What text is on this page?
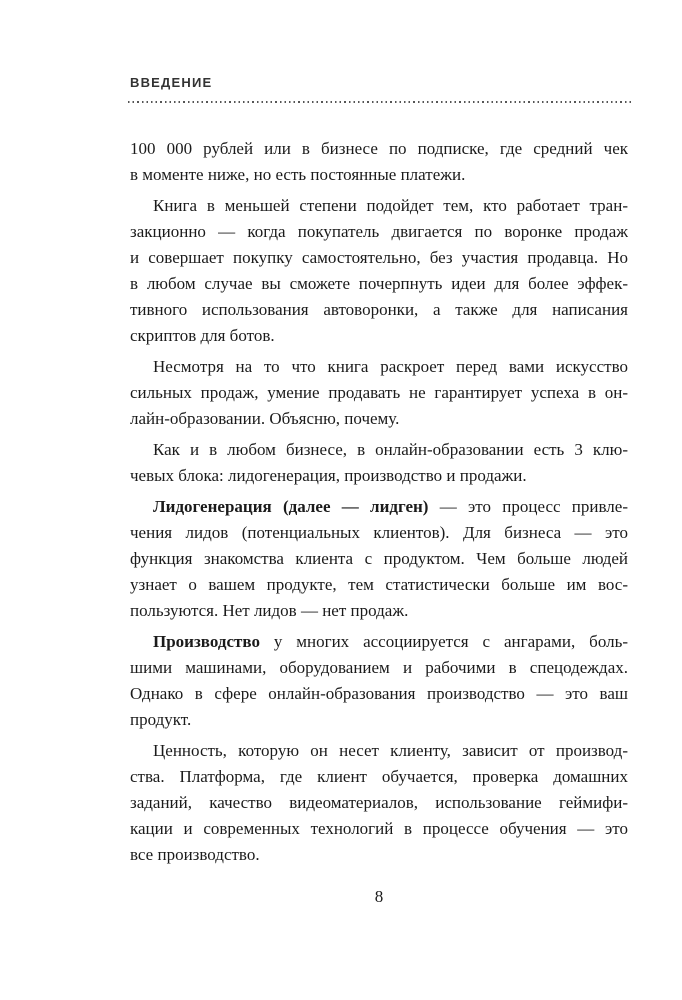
ВВЕДЕНИЕ
100 000 рублей или в бизнесе по подписке, где средний чек
в моменте ниже, но есть постоянные платежи.
Книга в меньшей степени подойдет тем, кто работает тран-
закционно — когда покупатель двигается по воронке продаж
и совершает покупку самостоятельно, без участия продавца. Но
в любом случае вы сможете почерпнуть идеи для более эффек-
тивного использования автоворонки, а также для написания
скриптов для ботов.
Несмотря на то что книга раскроет перед вами искусство
сильных продаж, умение продавать не гарантирует успеха в он-
лайн-образовании. Объясню, почему.
Как и в любом бизнесе, в онлайн-образовании есть 3 клю-
чевых блока: лидогенерация, производство и продажи.
Лидогенерация (далее — лидген) — это процесс привле-
чения лидов (потенциальных клиентов). Для бизнеса — это
функция знакомства клиента с продуктом. Чем больше людей
узнает о вашем продукте, тем статистически больше им вос-
пользуются. Нет лидов — нет продаж.
Производство у многих ассоциируется с ангарами, боль-
шими машинами, оборудованием и рабочими в спецодеждах.
Однако в сфере онлайн-образования производство — это ваш
продукт.
Ценность, которую он несет клиенту, зависит от производ-
ства. Платформа, где клиент обучается, проверка домашних
заданий, качество видеоматериалов, использование геймифи-
кации и современных технологий в процессе обучения — это
все производство.
8
